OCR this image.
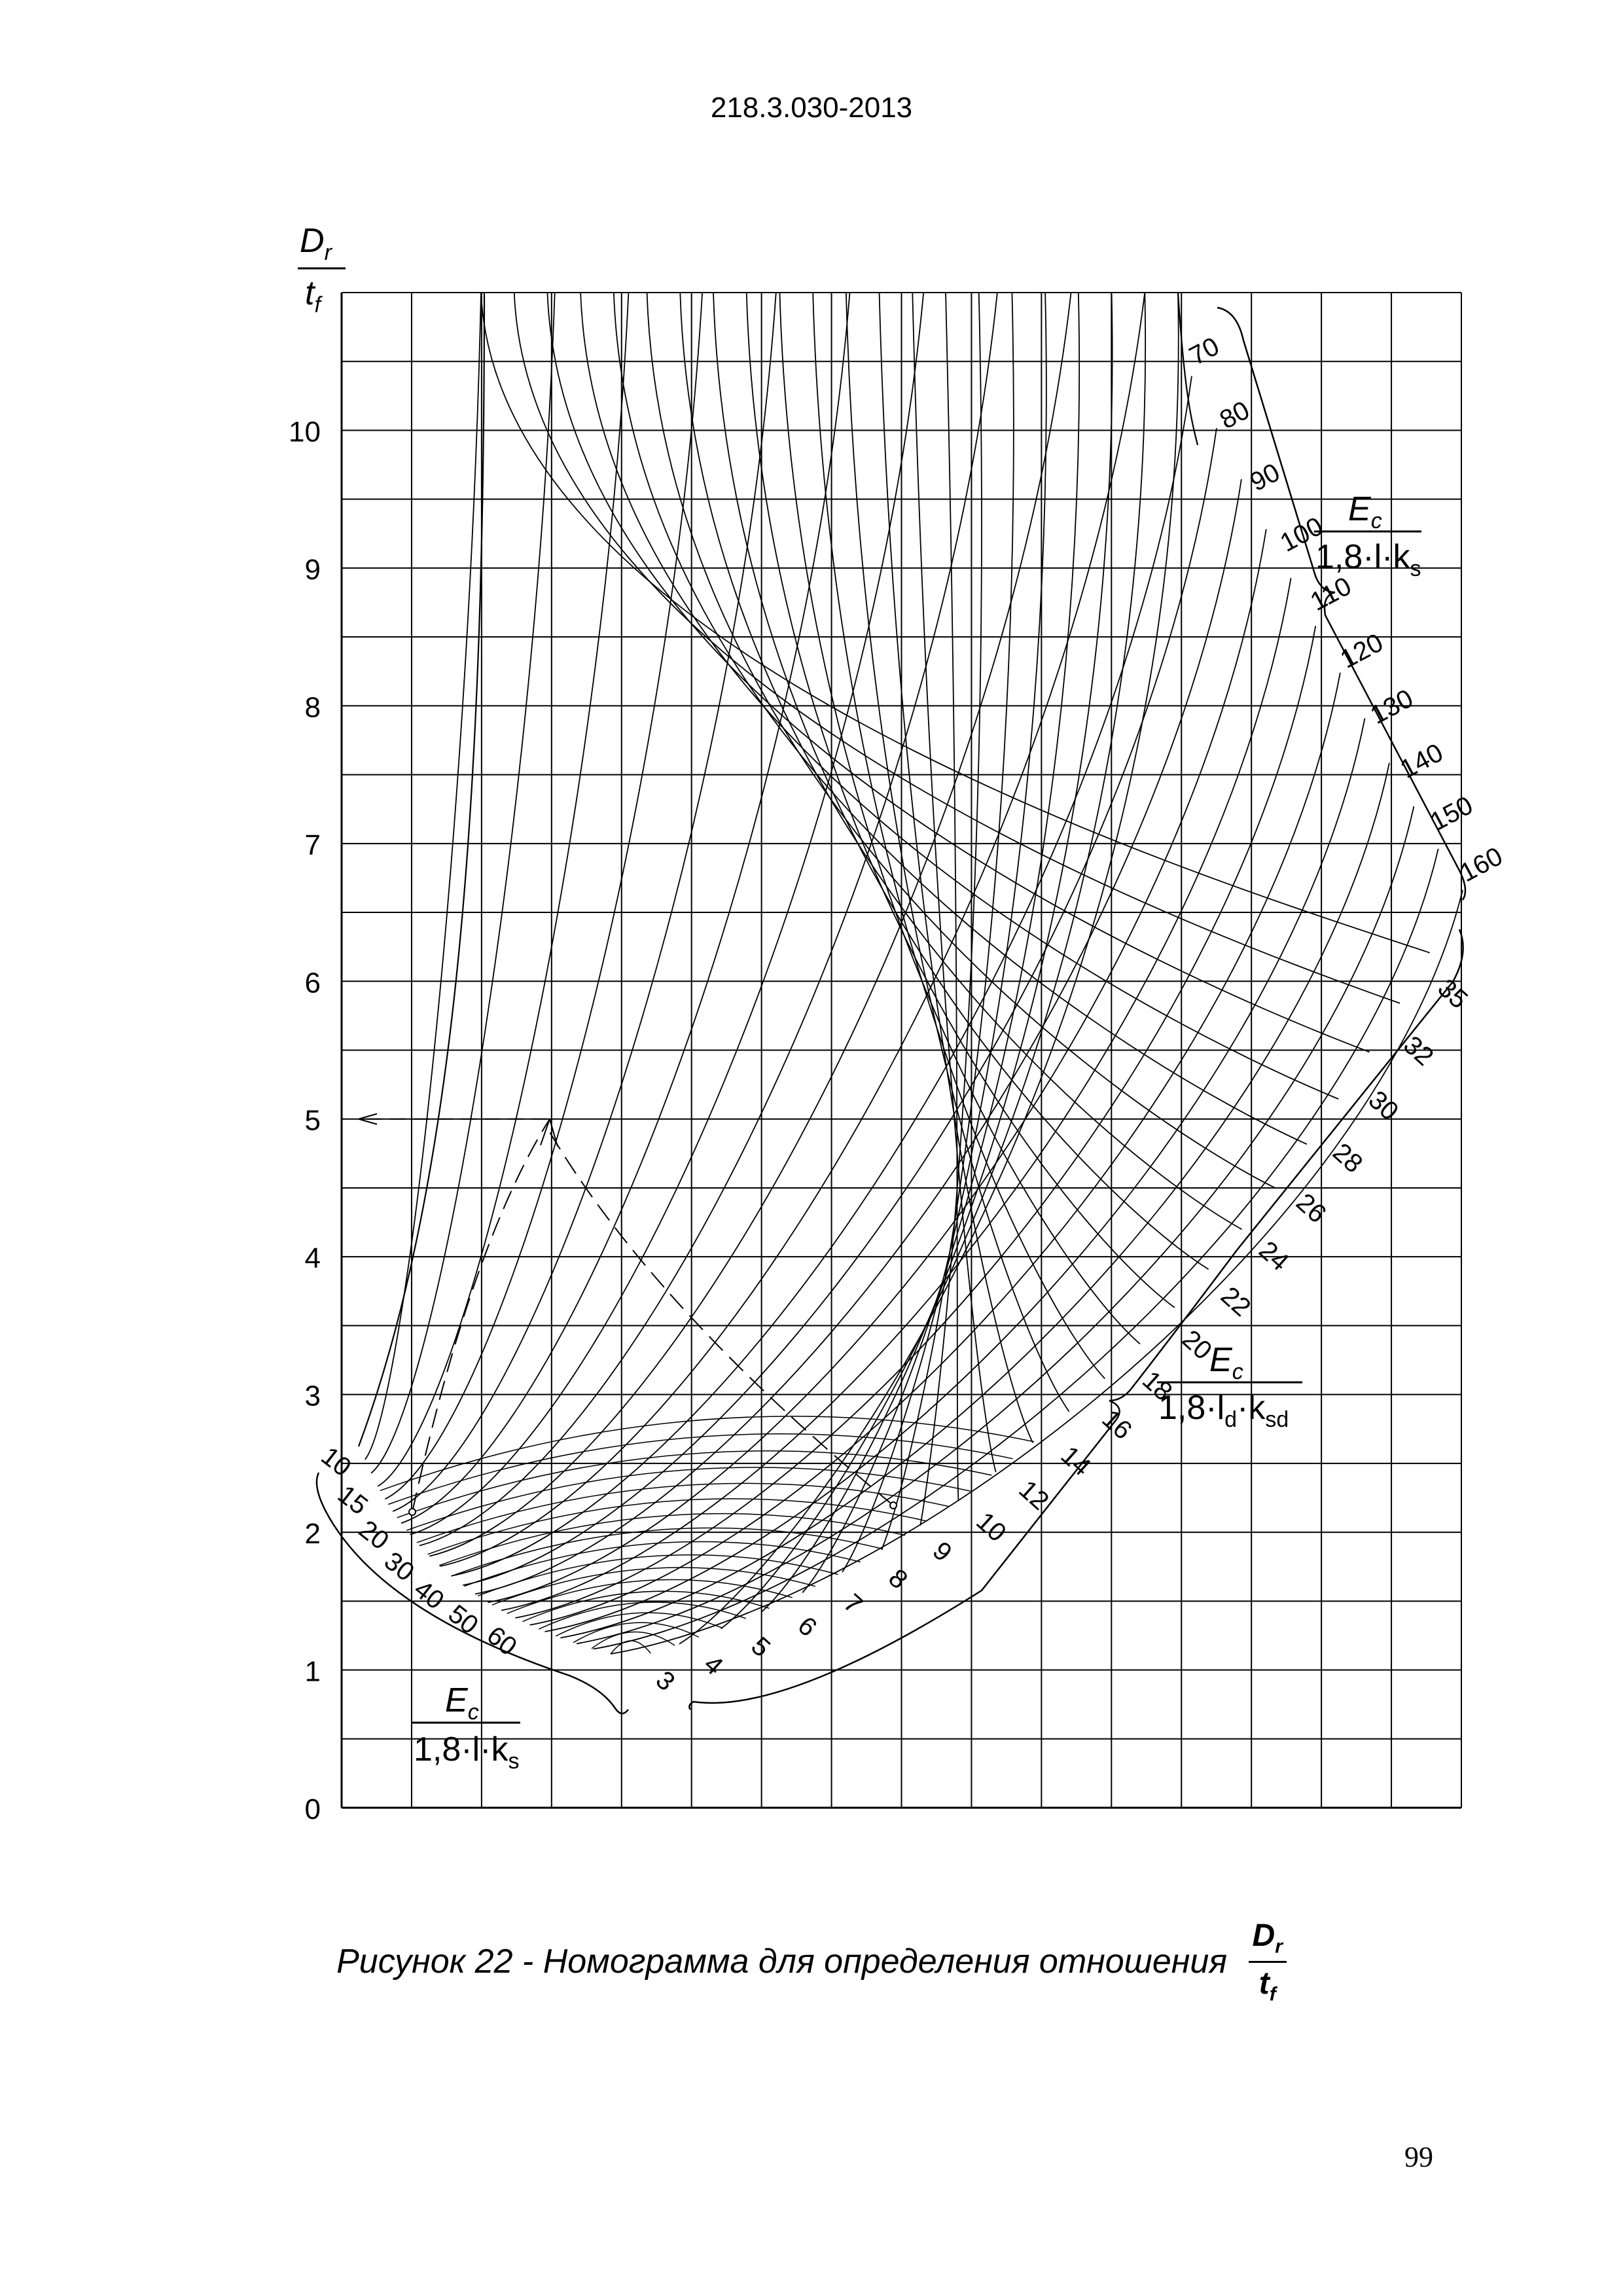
218.3.030-2013
0
1
2
3
4
5
6
7
8
9
10
70
80
90
100
110
120
130
140
150
160
35
32
30
28
26
24
22
20
18
16
14
12
10
9
8
7
6
5
4
3
10
15
20
30
40
50
60
$D_r$
$t_f$
$E_c$
$1,8\cdot l\cdot k_s$
$E_c$
$1,8\cdot l_d\cdot k_{sd}$
$E_c$
$1,8\cdot l\cdot k_s$
Рисунок 22 - Номограмма для определения отношения $\frac{D_r}{t_f}$
99
